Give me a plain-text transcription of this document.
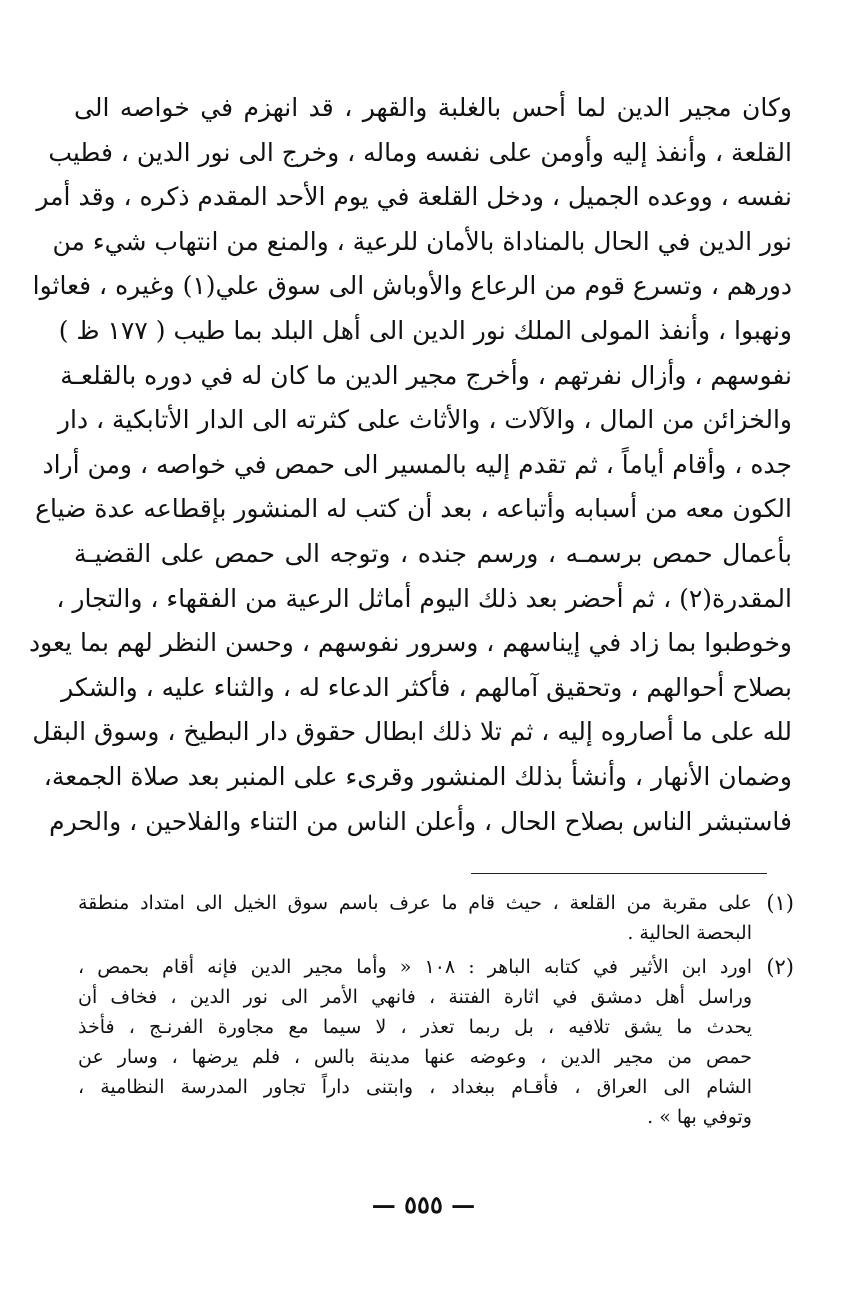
وكان مجير الدين لما أحس بالغلبة والقهر ، قد انهزم في خواصه الى
القلعة ، وأنفذ إليه وأومن على نفسه وماله ، وخرج الى نور الدين ، فطيب
نفسه ، ووعده الجميل ، ودخل القلعة في يوم الأحد المقدم ذكره ، وقد أمر
نور الدين في الحال بالمناداة بالأمان للرعية ، والمنع من انتهاب شيء من
دورهم ، وتسرع قوم من الرعاع والأوباش الى سوق علي(١) وغيره ، فعاثوا
ونهبوا ، وأنفذ المولى الملك نور الدين الى أهل البلد بما طيب ( ١٧٧ ظ )
نفوسهم ، وأزال نفرتهم ، وأخرج مجير الدين ما كان له في دوره بالقلعـة
والخزائن من المال ، والآلات ، والأثاث على كثرته الى الدار الأتابكية ، دار
جده ، وأقام أياماً ، ثم تقدم إليه بالمسير الى حمص في خواصه ، ومن أراد
الكون معه من أسبابه وأتباعه ، بعد أن كتب له المنشور بإقطاعه عدة ضياع
بأعمال حمص برسمـه ، ورسم جنده ، وتوجه الى حمص على القضيـة
المقدرة(٢) ، ثم أحضر بعد ذلك اليوم أماثل الرعية من الفقهاء ، والتجار ،
وخوطبوا بما زاد في إيناسهم ، وسرور نفوسهم ، وحسن النظر لهم بما يعود
بصلاح أحوالهم ، وتحقيق آمالهم ، فأكثر الدعاء له ، والثناء عليه ، والشكر
لله على ما أصاروه إليه ، ثم تلا ذلك ابطال حقوق دار البطيخ ، وسوق البقل
وضمان الأنهار ، وأنشأ بذلك المنشور وقرىء على المنبر بعد صلاة الجمعة،
فاستبشر الناس بصلاح الحال ، وأعلن الناس من التناء والفلاحين ، والحرم
(١)
على مقربة من القلعة ، حيث قام ما عرف باسم سوق الخيل الى امتداد منطقة
البحصة الحالية .
(٢)
اورد ابن الأثير في كتابه الباهر : ١٠٨ « وأما مجير الدين فإنه أقام بحمص ،
وراسل أهل دمشق في اثارة الفتنة ، فانهي الأمر الى نور الدين ، فخاف أن
يحدث ما يشق تلافيه ، بل ربما تعذر ، لا سيما مع مجاورة الفرنـج ، فأخذ
حمص من مجير الدين ، وعوضه عنها مدينة بالس ، فلم يرضها ، وسار عن
الشام الى العراق ، فأقـام ببغداد ، وابتنى داراً تجاور المدرسة النظامية ،
وتوفي بها » .
— ٥٥٥ —
